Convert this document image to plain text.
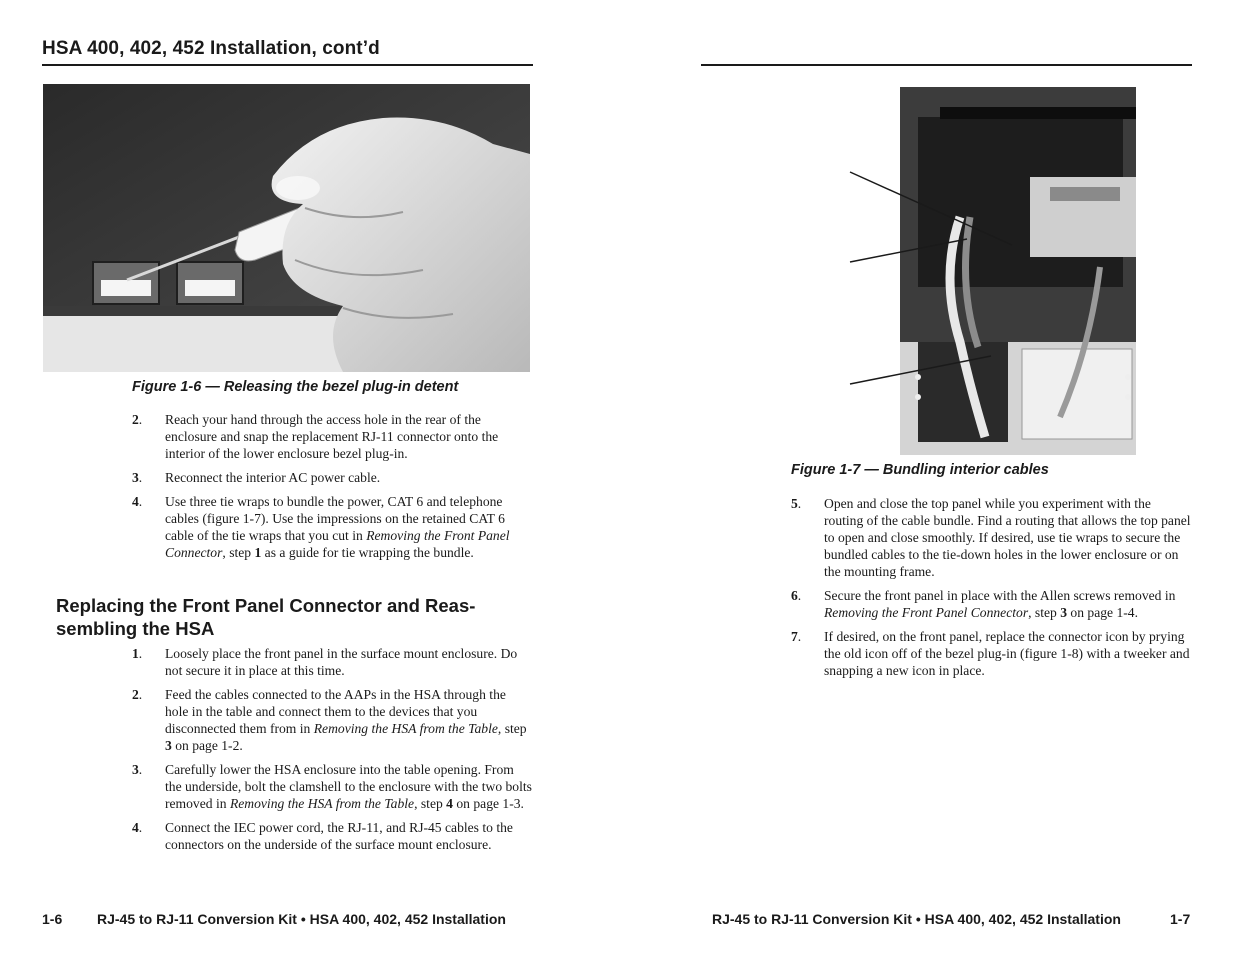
HSA 400, 402, 452 Installation, cont’d
Figure 1-6 — Releasing the bezel plug-in detent
2 . Reach your hand through the access hole in the rear of the enclosure and snap the replacement RJ-11 connector onto the interior of the lower enclosure bezel plug-in.
3 . Reconnect the interior AC power cable.
4 . Use three tie wraps to bundle the power, CAT 6 and telephone cables (figure 1-7). Use the impressions on the retained CAT 6 cable of the tie wraps that you cut in Removing the Front Panel Connector, step 1 as a guide for tie wrapping the bundle.
Replacing the Front Panel Connector and Reas-sembling the HSA
1 . Loosely place the front panel in the surface mount enclosure. Do not secure it in place at this time.
2 . Feed the cables connected to the AAPs in the HSA through the hole in the table and connect them to the devices that you disconnected them from in Removing the HSA from the Table, step 3 on page 1-2.
3 . Carefully lower the HSA enclosure into the table opening. From the underside, bolt the clamshell to the enclosure with the two bolts removed in Removing the HSA from the Table, step 4 on page 1-3.
4 . Connect the IEC power cord, the RJ-11, and RJ-45 cables to the connectors on the underside of the surface mount enclosure.
1-6 RJ-45 to RJ-11 Conversion Kit • HSA 400, 402, 452 Installation
Figure 1-7 — Bundling interior cables
5 . Open and close the top panel while you experiment with the routing of the cable bundle. Find a routing that allows the top panel to open and close smoothly. If desired, use tie wraps to secure the bundled cables to the tie-down holes in the lower enclosure or on the mounting frame.
6 . Secure the front panel in place with the Allen screws removed in Removing the Front Panel Connector, step 3 on page 1-4.
7 . If desired, on the front panel, replace the connector icon by prying the old icon off of the bezel plug-in (figure 1-8) with a tweeker and snapping a new icon in place.
RJ-45 to RJ-11 Conversion Kit • HSA 400, 402, 452 Installation	1-7
